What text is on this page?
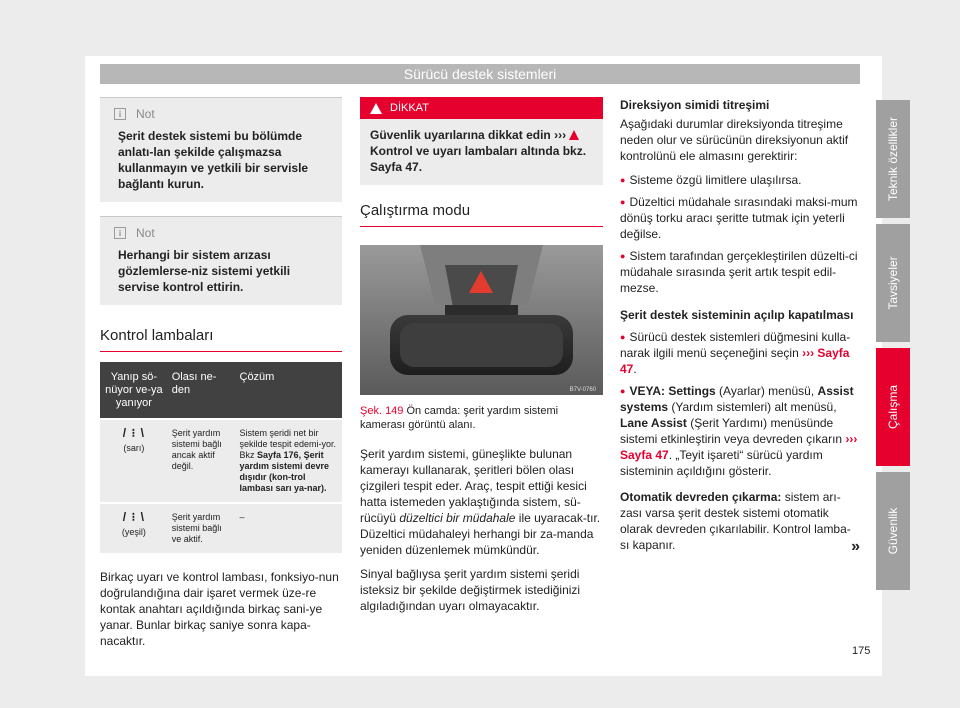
Sürücü destek sistemleri
i	Not
Şerit destek sistemi bu bölümde anlatı-lan şekilde çalışmazsa kullanmayın ve yetkili bir servisle bağlantı kurun.
i	Not
Herhangi bir sistem arızası gözlemlerse-niz sistemi yetkili servise kontrol ettirin.
Kontrol lambaları
Yanıp sö-nüyor ve-ya yanıyor	Olası ne-den	Çözüm

/ ⁝ \
(sarı)	Şerit yardım sistemi bağlı ancak aktif değil.	Sistem şeridi net bir şekilde tespit edemi-yor. Bkz Sayfa 176, Şerit yardım sistemi devre dışıdır (kon-trol lambası sarı ya-nar).

/ ⁝ \
(yeşil)	Şerit yardım sistemi bağlı ve aktif.	–

Birkaç uyarı ve kontrol lambası, fonksiyo-nun doğrulandığına dair işaret vermek üze-re kontak anahtarı açıldığında birkaç sani-ye yanar. Bunlar birkaç saniye sonra kapa-nacaktır.

DİKKAT
Güvenlik uyarılarına dikkat edin ›››  Kontrol ve uyarı lambaları altında bkz. Sayfa 47.
Çalıştırma modu
B7V-0760
Şek. 149 Ön camda: şerit yardım sistemi kamerası görüntü alanı.

Şerit yardım sistemi, güneşlikte bulunan kamerayı kullanarak, şeritleri bölen olası çizgileri tespit eder. Araç, tespit ettiği kesici hatta istemeden yaklaştığında sistem, sü-rücüyü düzeltici bir müdahale ile uyaracak-tır. Düzeltici müdahaleyi herhangi bir za-manda yeniden düzenlemek mümkündür.

Sinyal bağlıysa şerit yardım sistemi şeridi isteksiz bir şekilde değiştirmek istediğinizi algıladığından uyarı olmayacaktır.

Direksiyon simidi titreşimi

Aşağıdaki durumlar direksiyonda titreşime neden olur ve sürücünün direksiyonun aktif kontrolünü ele almasını gerektirir:

● Sisteme özgü limitlere ulaşılırsa.

● Düzeltici müdahale sırasındaki maksi-mum dönüş torku aracı şeritte tutmak için yeterli değilse.

● Sistem tarafından gerçekleştirilen düzelti-ci müdahale sırasında şerit artık tespit edil-mezse.

Şerit destek sisteminin açılıp kapatılması

● Sürücü destek sistemleri düğmesini kulla-narak ilgili menü seçeneğini seçin ››› Sayfa 47.

● VEYA: Settings (Ayarlar) menüsü, Assist systems (Yardım sistemleri) alt menüsü, Lane Assist (Şerit Yardımı) menüsünde sistemi etkinleştirin veya devreden çıkarın ››› Sayfa 47. „Teyit işareti“ sürücü yardım sisteminin açıldığını gösterir.

Otomatik devreden çıkarma: sistem arı-zası varsa şerit destek sistemi otomatik olarak devreden çıkarılabilir. Kontrol lamba-sı kapanır.	»
Teknik özellikler
Tavsiyeler
Çalışma
Güvenlik
175
